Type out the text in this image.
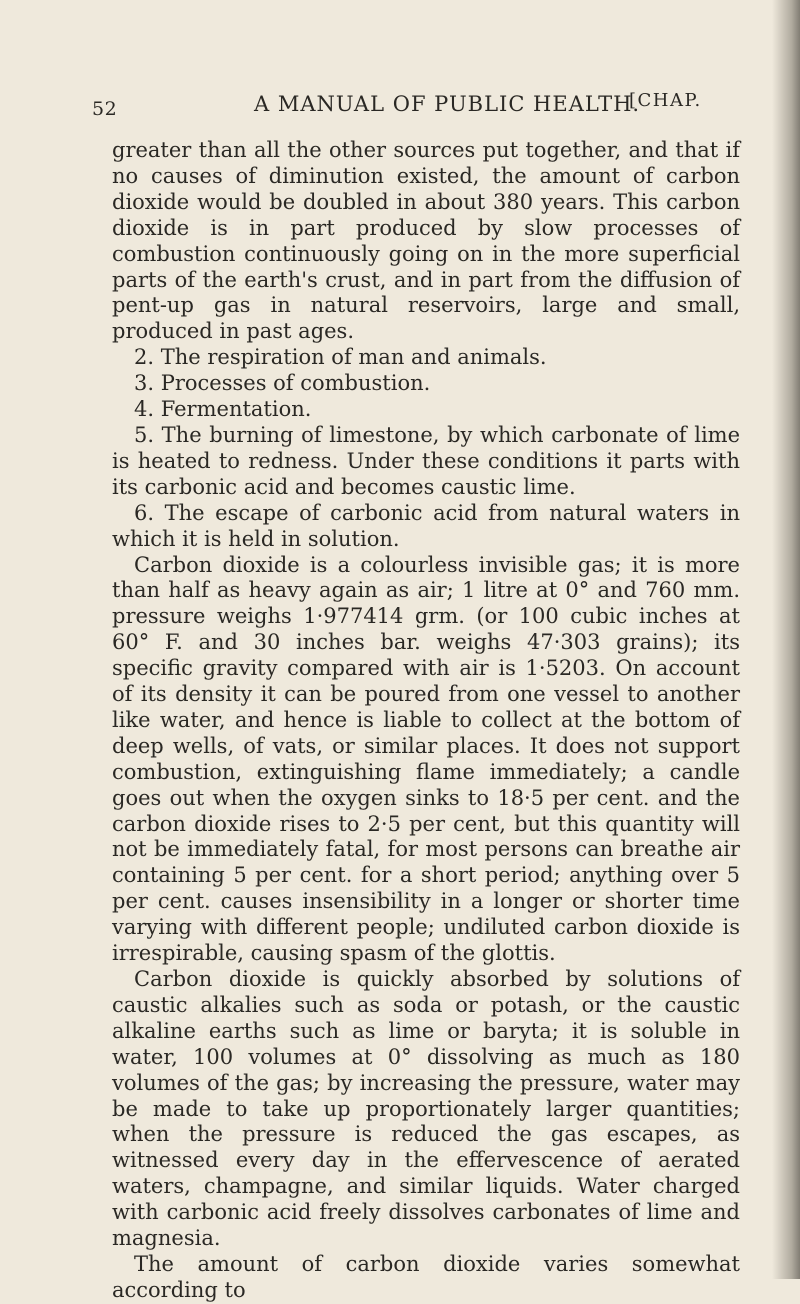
52	A MANUAL OF PUBLIC HEALTH.
[CHAP.

greater than all the other sources put together, and that if no causes of diminution existed, the amount of carbon dioxide would be doubled in about 380 years. This carbon dioxide is in part produced by slow processes of combustion continuously going on in the more superficial parts of the earth's crust, and in part from the diffusion of pent-up gas in natural reservoirs, large and small, produced in past ages.

2. The respiration of man and animals.

3. Processes of combustion.

4. Fermentation.

5. The burning of limestone, by which carbonate of lime is heated to redness. Under these conditions it parts with its carbonic acid and becomes caustic lime.

6. The escape of carbonic acid from natural waters in which it is held in solution.

Carbon dioxide is a colourless invisible gas; it is more than half as heavy again as air; 1 litre at 0° and 760 mm. pressure weighs 1·977414 grm. (or 100 cubic inches at 60° F. and 30 inches bar. weighs 47·303 grains); its specific gravity compared with air is 1·5203. On account of its density it can be poured from one vessel to another like water, and hence is liable to collect at the bottom of deep wells, of vats, or similar places. It does not support combustion, extinguishing flame immediately; a candle goes out when the oxygen sinks to 18·5 per cent. and the carbon dioxide rises to 2·5 per cent, but this quantity will not be immediately fatal, for most persons can breathe air containing 5 per cent. for a short period; anything over 5 per cent. causes insensibility in a longer or shorter time varying with different people; undiluted carbon dioxide is irrespirable, causing spasm of the glottis.

Carbon dioxide is quickly absorbed by solutions of caustic alkalies such as soda or potash, or the caustic alkaline earths such as lime or baryta; it is soluble in water, 100 volumes at 0° dissolving as much as 180 volumes of the gas; by increasing the pressure, water may be made to take up proportionately larger quantities; when the pressure is reduced the gas escapes, as witnessed every day in the effervescence of aerated waters, champagne, and similar liquids. Water charged with carbonic acid freely dissolves carbonates of lime and magnesia.

The amount of carbon dioxide varies somewhat according to
